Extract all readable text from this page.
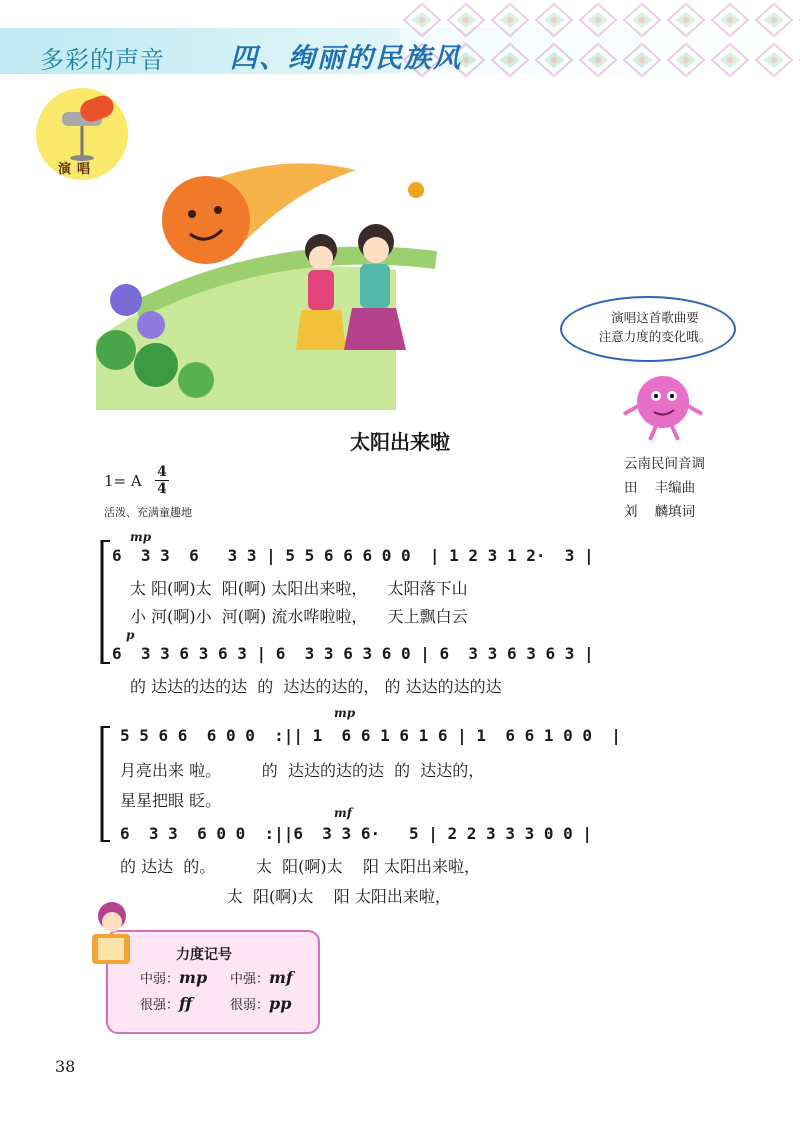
多彩的声音 四、绚丽的民族风
演唱
演唱这首歌曲要
注意力度的变化哦。
太阳出来啦
1= A 4
4
活泼、充满童趣地
云南民间音调
田    丰编曲
刘    麟填词
mp
6  3 3  6   3 3 | 5 5 6 6 6 0 0  | 1 2 3 1 2·  3 |
太 阳(啊)太  阳(啊) 太阳出来啦，    太阳落下山
小 河(啊)小  河(啊) 流水哗啦啦，    天上飘白云
p
6  3 3 6 3 6 3 | 6  3 3 6 3 6 0 | 6  3 3 6 3 6 3 |
的 达达的达的达  的  达达的达的， 的 达达的达的达
mp
5 5 6 6  6 0 0  :|| 1  6 6 1 6 1 6 | 1  6 6 1 0 0  |
月亮出来 啦。        的  达达的达的达  的  达达的，
星星把眼 眨。
mf
6  3 3  6 0 0  :||6  3 3 6·   5 | 2 2 3 3 3 0 0 |
的 达达  的。        太  阳(啊)太    阳 太阳出来啦，
太  阳(啊)太    阳 太阳出来啦，
力度记号
中弱：mp 中强：mf
很强：ff	很弱：pp
38
